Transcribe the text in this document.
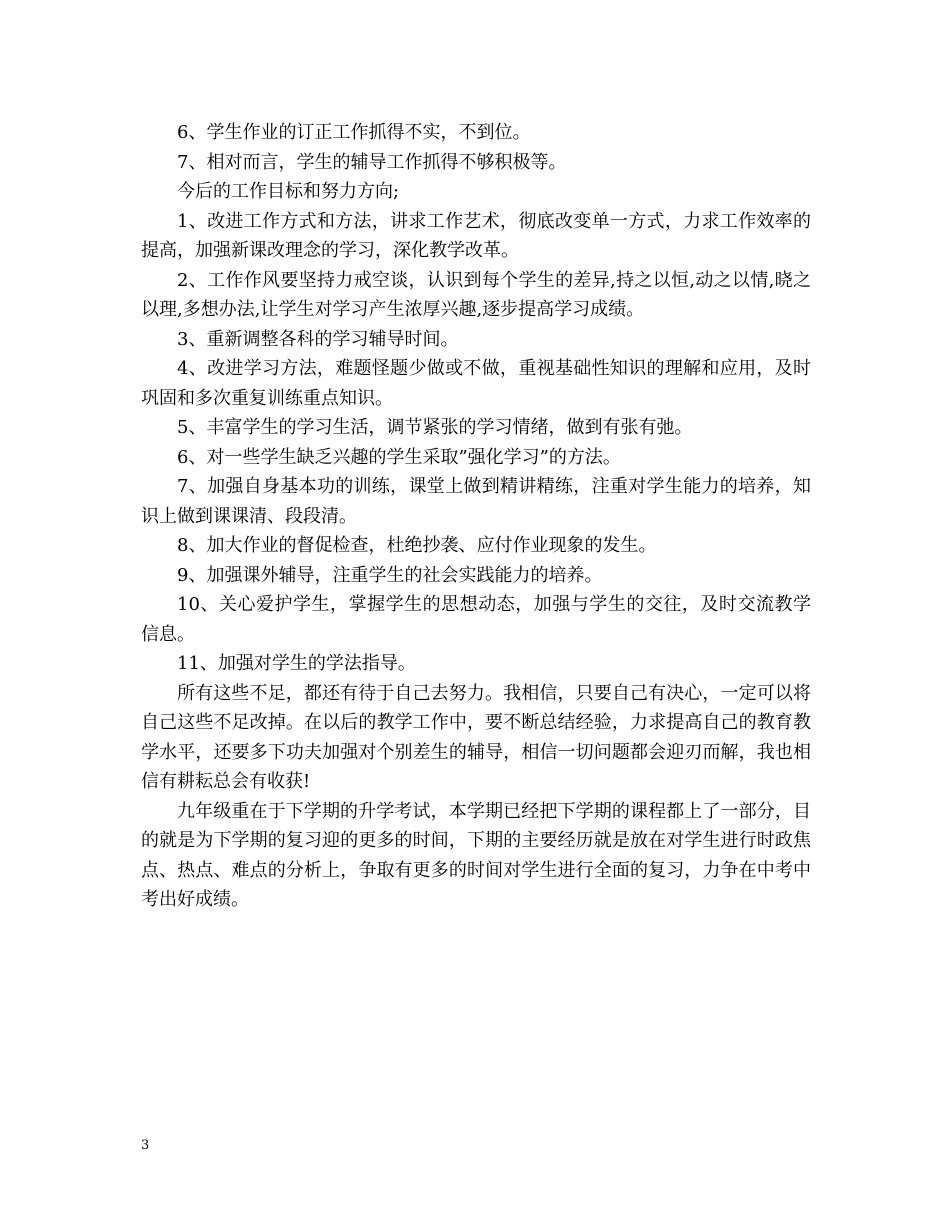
6、学生作业的订正工作抓得不实，不到位。

7、相对而言，学生的辅导工作抓得不够积极等。

今后的工作目标和努力方向;

1、改进工作方式和方法，讲求工作艺术，彻底改变单一方式，力求工作效率的提高，加强新课改理念的学习，深化教学改革。

2、工作作风要坚持力戒空谈，认识到每个学生的差异,持之以恒,动之以情,晓之以理,多想办法,让学生对学习产生浓厚兴趣,逐步提高学习成绩。

3、重新调整各科的学习辅导时间。

4、改进学习方法，难题怪题少做或不做，重视基础性知识的理解和应用，及时巩固和多次重复训练重点知识。

5、丰富学生的学习生活，调节紧张的学习情绪，做到有张有弛。

6、对一些学生缺乏兴趣的学生采取”强化学习”的方法。

7、加强自身基本功的训练，课堂上做到精讲精练，注重对学生能力的培养，知识上做到课课清、段段清。

8、加大作业的督促检查，杜绝抄袭、应付作业现象的发生。

9、加强课外辅导，注重学生的社会实践能力的培养。

10、关心爱护学生，掌握学生的思想动态，加强与学生的交往，及时交流教学信息。

11、加强对学生的学法指导。

所有这些不足，都还有待于自己去努力。我相信，只要自己有决心，一定可以将自己这些不足改掉。在以后的教学工作中，要不断总结经验，力求提高自己的教育教学水平，还要多下功夫加强对个别差生的辅导，相信一切问题都会迎刃而解，我也相信有耕耘总会有收获!

九年级重在于下学期的升学考试，本学期已经把下学期的课程都上了一部分，目的就是为下学期的复习迎的更多的时间，下期的主要经历就是放在对学生进行时政焦点、热点、难点的分析上，争取有更多的时间对学生进行全面的复习，力争在中考中考出好成绩。

3
